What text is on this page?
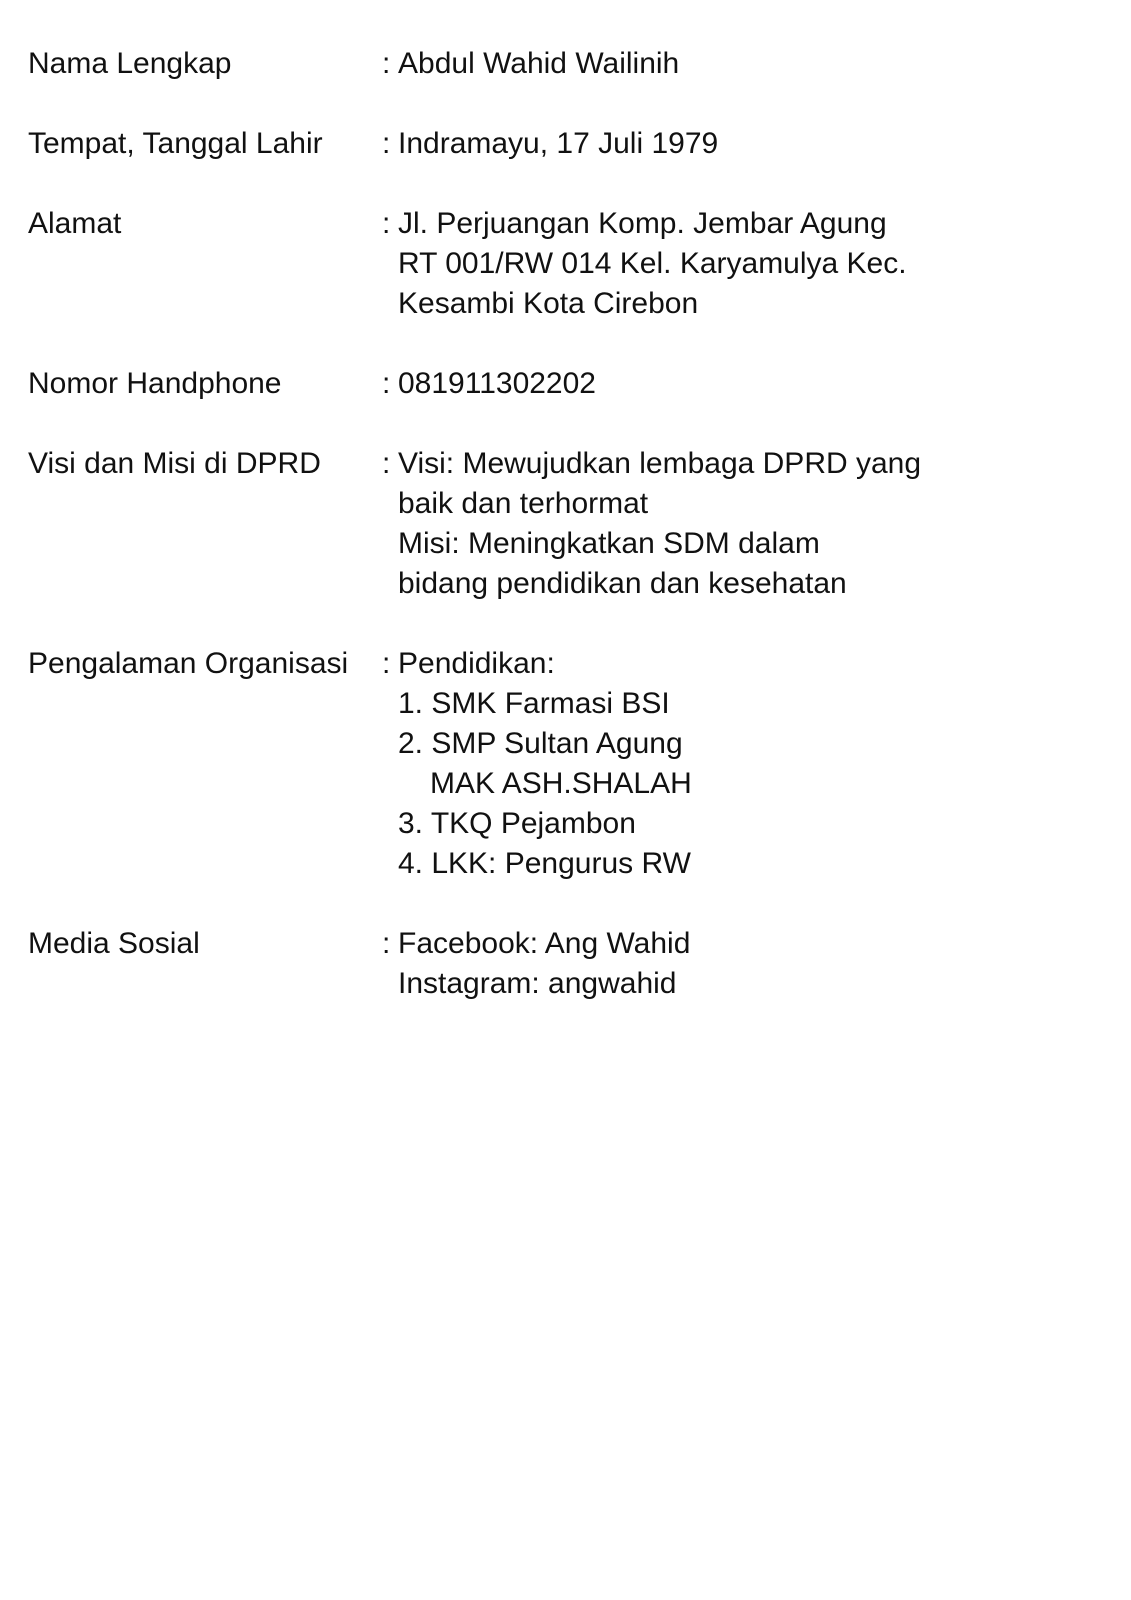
Nama Lengkap	: Abdul Wahid Wailinih
Tempat, Tanggal Lahir	: Indramayu, 17 Juli 1979
Alamat	: Jl. Perjuangan Komp. Jembar Agung
RT 001/RW 014 Kel. Karyamulya Kec.
Kesambi Kota Cirebon
Nomor Handphone	: 081911302202
Visi dan Misi di DPRD	: Visi: Mewujudkan lembaga DPRD yang
baik dan terhormat
Misi: Meningkatkan SDM dalam
bidang pendidikan dan kesehatan
Pengalaman Organisasi	: Pendidikan:
1. SMK Farmasi BSI
2. SMP Sultan Agung
MAK ASH.SHALAH
3. TKQ Pejambon
4. LKK: Pengurus RW
Media Sosial	: Facebook: Ang Wahid
Instagram: angwahid
